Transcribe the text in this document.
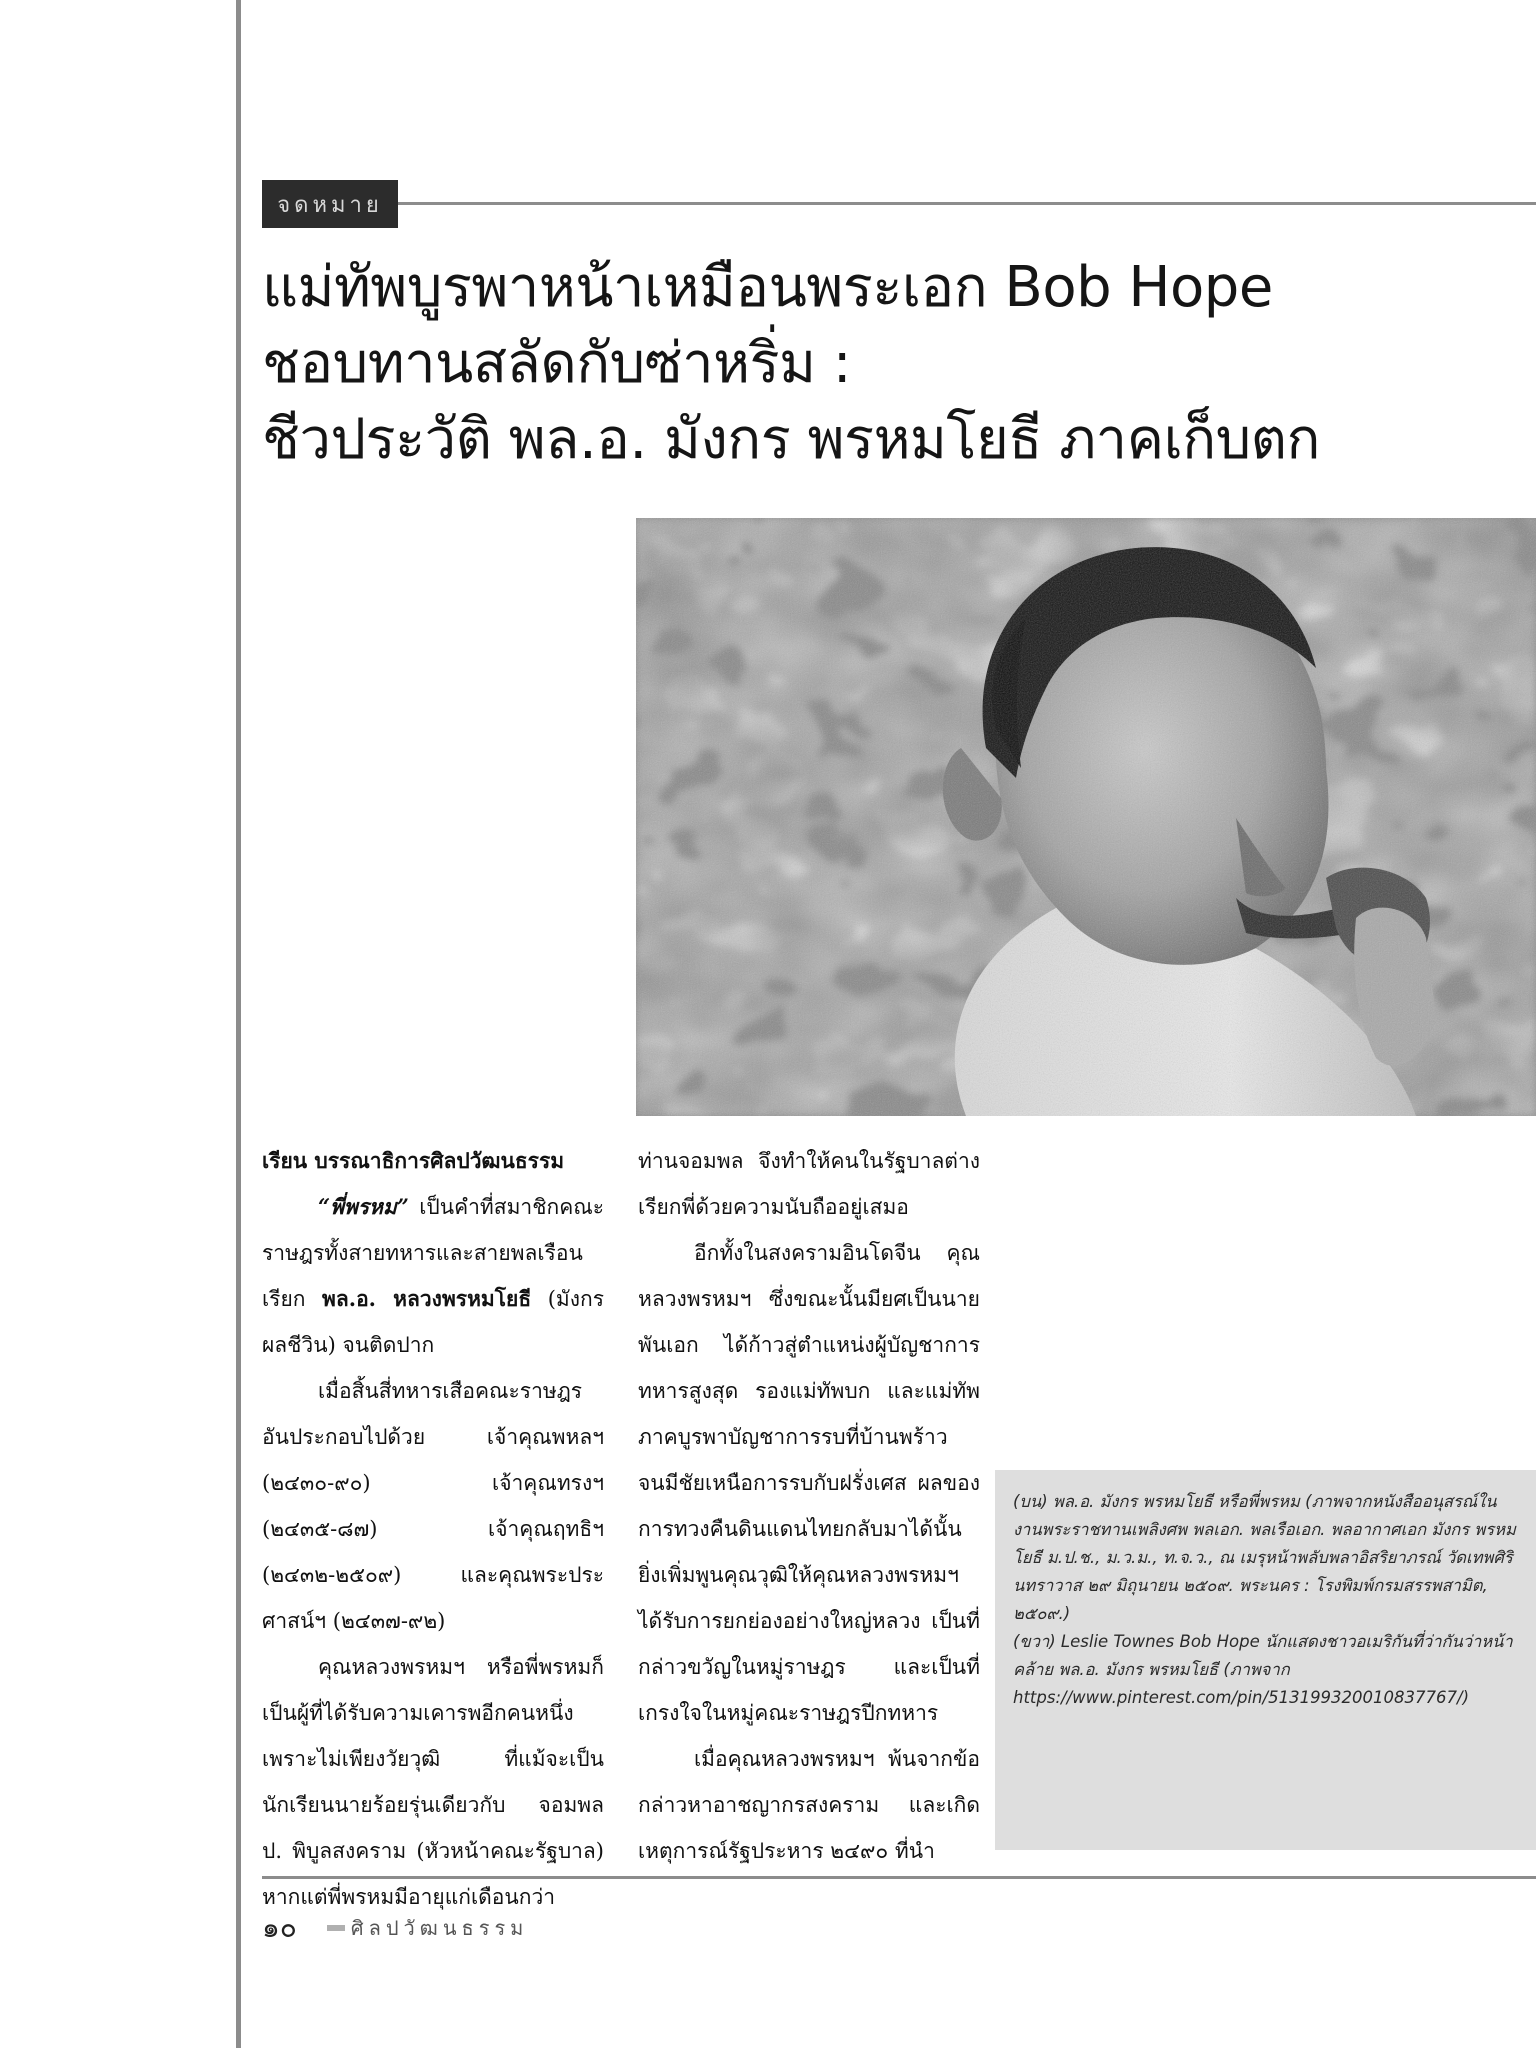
จดหมาย
แม่ทัพบูรพาหน้าเหมือนพระเอก Bob Hope
ชอบทานสลัดกับซ่าหริ่ม :
ชีวประวัติ พล.อ. มังกร พรหมโยธี ภาคเก็บตก

เรียน บรรณาธิการศิลปวัฒนธรรม

“พี่พรหม” เป็นคำที่สมาชิกคณะราษฎรทั้งสายทหารและสายพลเรือนเรียก พล.อ. หลวงพรหมโยธี (มังกร ผลชีวิน) จนติดปาก

เมื่อสิ้นสี่ทหารเสือคณะราษฎรอันประกอบไปด้วย เจ้าคุณพหลฯ (๒๔๓๐-๙๐) เจ้าคุณทรงฯ (๒๔๓๕-๘๗) เจ้าคุณฤทธิฯ (๒๔๓๒-๒๕๐๙) และคุณพระประศาสน์ฯ (๒๔๓๗-๙๒)

คุณหลวงพรหมฯ หรือพี่พรหมก็เป็นผู้ที่ได้รับความเคารพอีกคนหนึ่ง เพราะไม่เพียงวัยวุฒิ ที่แม้จะเป็นนักเรียนนายร้อยรุ่นเดียวกับ จอมพล ป. พิบูลสงคราม (หัวหน้าคณะรัฐบาล) หากแต่พี่พรหมมีอายุแก่เดือนกว่า

ท่านจอมพล จึงทำให้คนในรัฐบาลต่างเรียกพี่ด้วยความนับถืออยู่เสมอ

อีกทั้งในสงครามอินโดจีน คุณหลวงพรหมฯ ซึ่งขณะนั้นมียศเป็นนายพันเอก ได้ก้าวสู่ตำแหน่งผู้บัญชาการทหารสูงสุด รองแม่ทัพบก และแม่ทัพภาคบูรพาบัญชาการรบที่บ้านพร้าว จนมีชัยเหนือการรบกับฝรั่งเศส ผลของการทวงคืนดินแดนไทยกลับมาได้นั้นยิ่งเพิ่มพูนคุณวุฒิให้คุณหลวงพรหมฯ ได้รับการยกย่องอย่างใหญ่หลวง เป็นที่กล่าวขวัญในหมู่ราษฎร และเป็นที่เกรงใจในหมู่คณะราษฎรปีกทหาร

เมื่อคุณหลวงพรหมฯ พ้นจากข้อกล่าวหาอาชญากรสงคราม และเกิดเหตุการณ์รัฐประหาร ๒๔๙๐ ที่นำ

(บน) พล.อ. มังกร พรหมโยธี หรือพี่พรหม (ภาพจากหนังสืออนุสรณ์ในงานพระราชทานเพลิงศพ พลเอก. พลเรือเอก. พลอากาศเอก มังกร พรหมโยธี ม.ป.ช., ม.ว.ม., ท.จ.ว., ณ เมรุหน้าพลับพลาอิสริยาภรณ์ วัดเทพศิรินทราวาส ๒๙ มิถุนายน ๒๕๐๙. พระนคร : โรงพิมพ์กรมสรรพสามิต, ๒๕๐๙.)

(ขวา) Leslie Townes Bob Hope นักแสดงชาวอเมริกันที่ว่ากันว่าหน้าคล้าย พล.อ. มังกร พรหมโยธี (ภาพจาก https://www.pinterest.com/pin/513199320010837767/)

๑๐	ศิลปวัฒนธรรม
